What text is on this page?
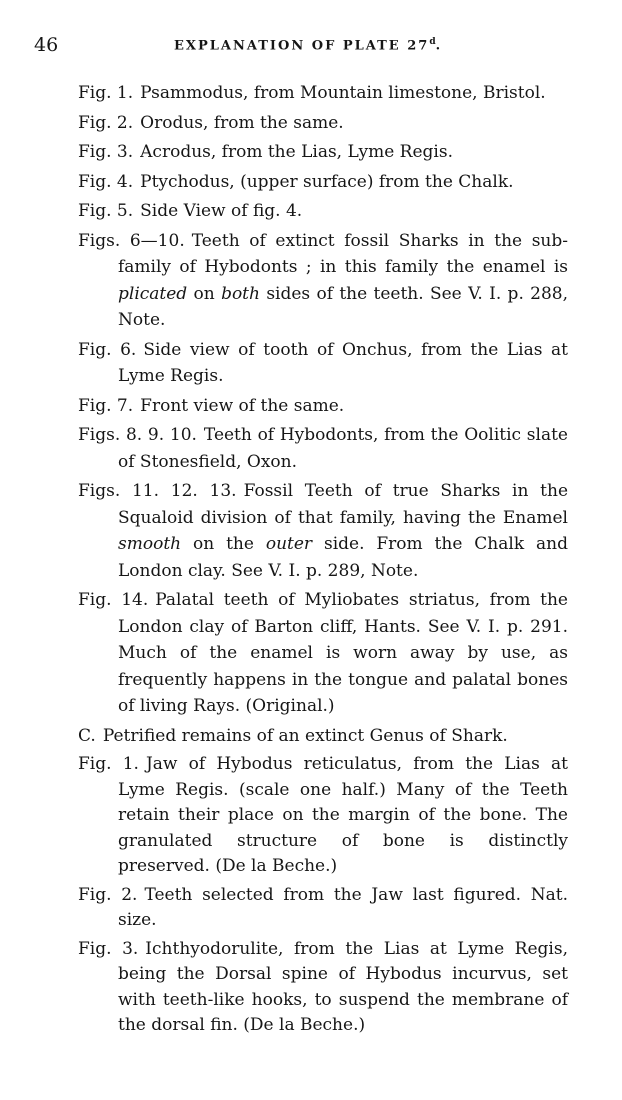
46	EXPLANATION OF PLATE 27$^d$.

Fig. 1. Psammodus, from Mountain limestone, Bristol.

Fig. 2. Orodus, from the same.

Fig. 3. Acrodus, from the Lias, Lyme Regis.

Fig. 4. Ptychodus, (upper surface) from the Chalk.

Fig. 5. Side View of fig. 4.

Figs. 6—10. Teeth of extinct fossil Sharks in the sub-family of Hybodonts ; in this family the enamel is plicated on both sides of the teeth. See V. I. p. 288, Note.

Fig. 6. Side view of tooth of Onchus, from the Lias at Lyme Regis.

Fig. 7. Front view of the same.

Figs. 8. 9. 10. Teeth of Hybodonts, from the Oolitic slate of Stonesfield, Oxon.

Figs. 11. 12. 13. Fossil Teeth of true Sharks in the Squaloid division of that family, having the Enamel smooth on the outer side. From the Chalk and London clay. See V. I. p. 289, Note.

Fig. 14. Palatal teeth of Myliobates striatus, from the London clay of Barton cliff, Hants. See V. I. p. 291. Much of the enamel is worn away by use, as frequently happens in the tongue and palatal bones of living Rays. (Original.)

C. Petrified remains of an extinct Genus of Shark.

Fig. 1. Jaw of Hybodus reticulatus, from the Lias at Lyme Regis. (scale one half.) Many of the Teeth retain their place on the margin of the bone. The granulated structure of bone is distinctly preserved. (De la Beche.)

Fig. 2. Teeth selected from the Jaw last figured. Nat. size.

Fig. 3. Ichthyodorulite, from the Lias at Lyme Regis, being the Dorsal spine of Hybodus incurvus, set with teeth-like hooks, to suspend the membrane of the dorsal fin. (De la Beche.)
